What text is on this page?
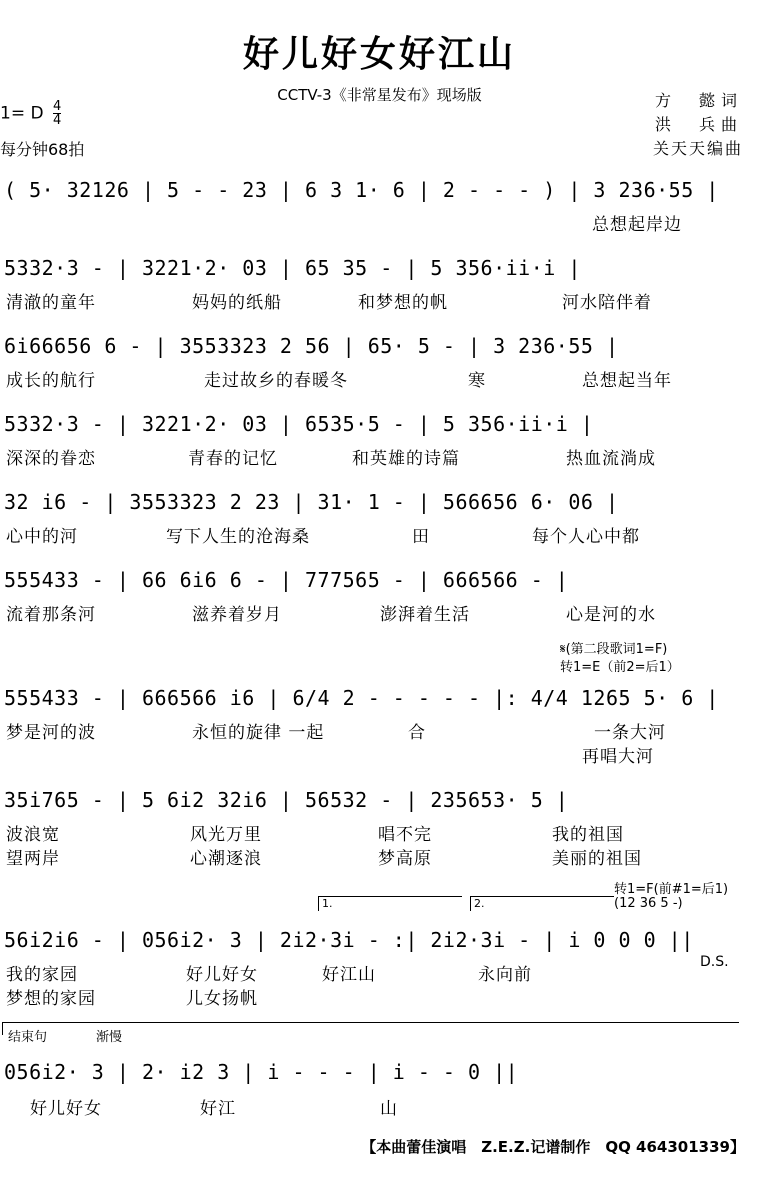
好儿好女好江山
CCTV-3《非常星发布》现场版	方　懿词
洪　兵曲
关天天编曲
1= D $\frac{4}{4}$
每分钟68拍
( 5· 32126 | 5 - - 23 | 6 3 1· 6 | 2 - - - ) | 3 236·55 |
总想起岸边
5332·3 - | 3221·2· 03 | 65 35 - | 5 356·ii·i |
清澈的童年	妈妈的纸船	和梦想的帆	河水陪伴着
6i66656 6 - | 3553323 2 56 | 65· 5 - | 3 236·55 |
成长的航行	走过故乡的春暖冬	寒	总想起当年
5332·3 - | 3221·2· 03 | 6535·5 - | 5 356·ii·i |
深深的眷恋	青春的记忆	和英雄的诗篇	热血流淌成
32 i6 - | 3553323 2 23 | 31· 1 - | 566656 6· 06 |
心中的河	写下人生的沧海桑	田	每个人心中都
555433 - | 66 6i6 6 - | 777565 - | 666566 - |
流着那条河	滋养着岁月	澎湃着生活	心是河的水
𝄋(第二段歌词1=F)
转1=E（前2=后1）
555433 - | 666566 i6 | 6/4 2 - - - - - |: 4/4 1265 5· 6 |
梦是河的波	永恒的旋律 一起	合	一条大河
再唱大河
35i765 - | 5 6i2 32i6 | 56532 - | 235653· 5 |
波浪宽	风光万里	唱不完	我的祖国
望两岸	心潮逐浪	梦高原	美丽的祖国
转1=F(前#1=后1)
(12 36 5 -)
1.	2.
56i2i6 - | 056i2· 3 | 2i2·3i - :| 2i2·3i - | i 0 0 0 ||
我的家园	好儿好女	好江山	永向前
梦想的家园	儿女扬帆
D.S.
结束句	渐慢
056i2· 3 | 2· i2 3 | i - - - | i - - 0 ||
好儿好女	好江	山
【本曲蕾佳演唱　Z.E.Z.记谱制作　QQ 464301339】
